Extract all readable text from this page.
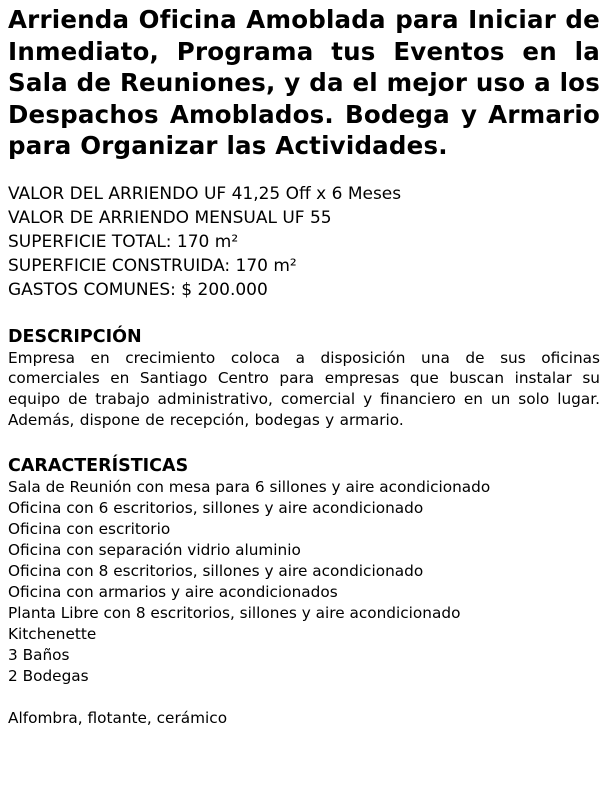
Arrienda Oficina Amoblada para Iniciar de Inmediato, Programa tus Eventos en la Sala de Reuniones, y da el mejor uso a los Despachos Amoblados. Bodega y Armario para Organizar las Actividades.
VALOR DEL ARRIENDO UF 41,25 Off x 6 Meses
VALOR DE ARRIENDO MENSUAL UF 55
SUPERFICIE TOTAL: 170 m²
SUPERFICIE CONSTRUIDA: 170 m²
GASTOS COMUNES: $ 200.000
DESCRIPCIÓN

Empresa en crecimiento coloca a disposición una de sus oficinas comerciales en Santiago Centro para empresas que buscan instalar su equipo de trabajo administrativo, comercial y financiero en un solo lugar. Además, dispone de recepción, bodegas y armario.

CARACTERÍSTICAS
Sala de Reunión con mesa para 6 sillones y aire acondicionado
Oficina con 6 escritorios, sillones y aire acondicionado
Oficina con escritorio
Oficina con separación vidrio aluminio
Oficina con 8 escritorios, sillones y aire acondicionado
Oficina con armarios y aire acondicionados
Planta Libre con 8 escritorios, sillones y aire acondicionado
Kitchenette
3 Baños
2 Bodegas

Alfombra, flotante, cerámico
